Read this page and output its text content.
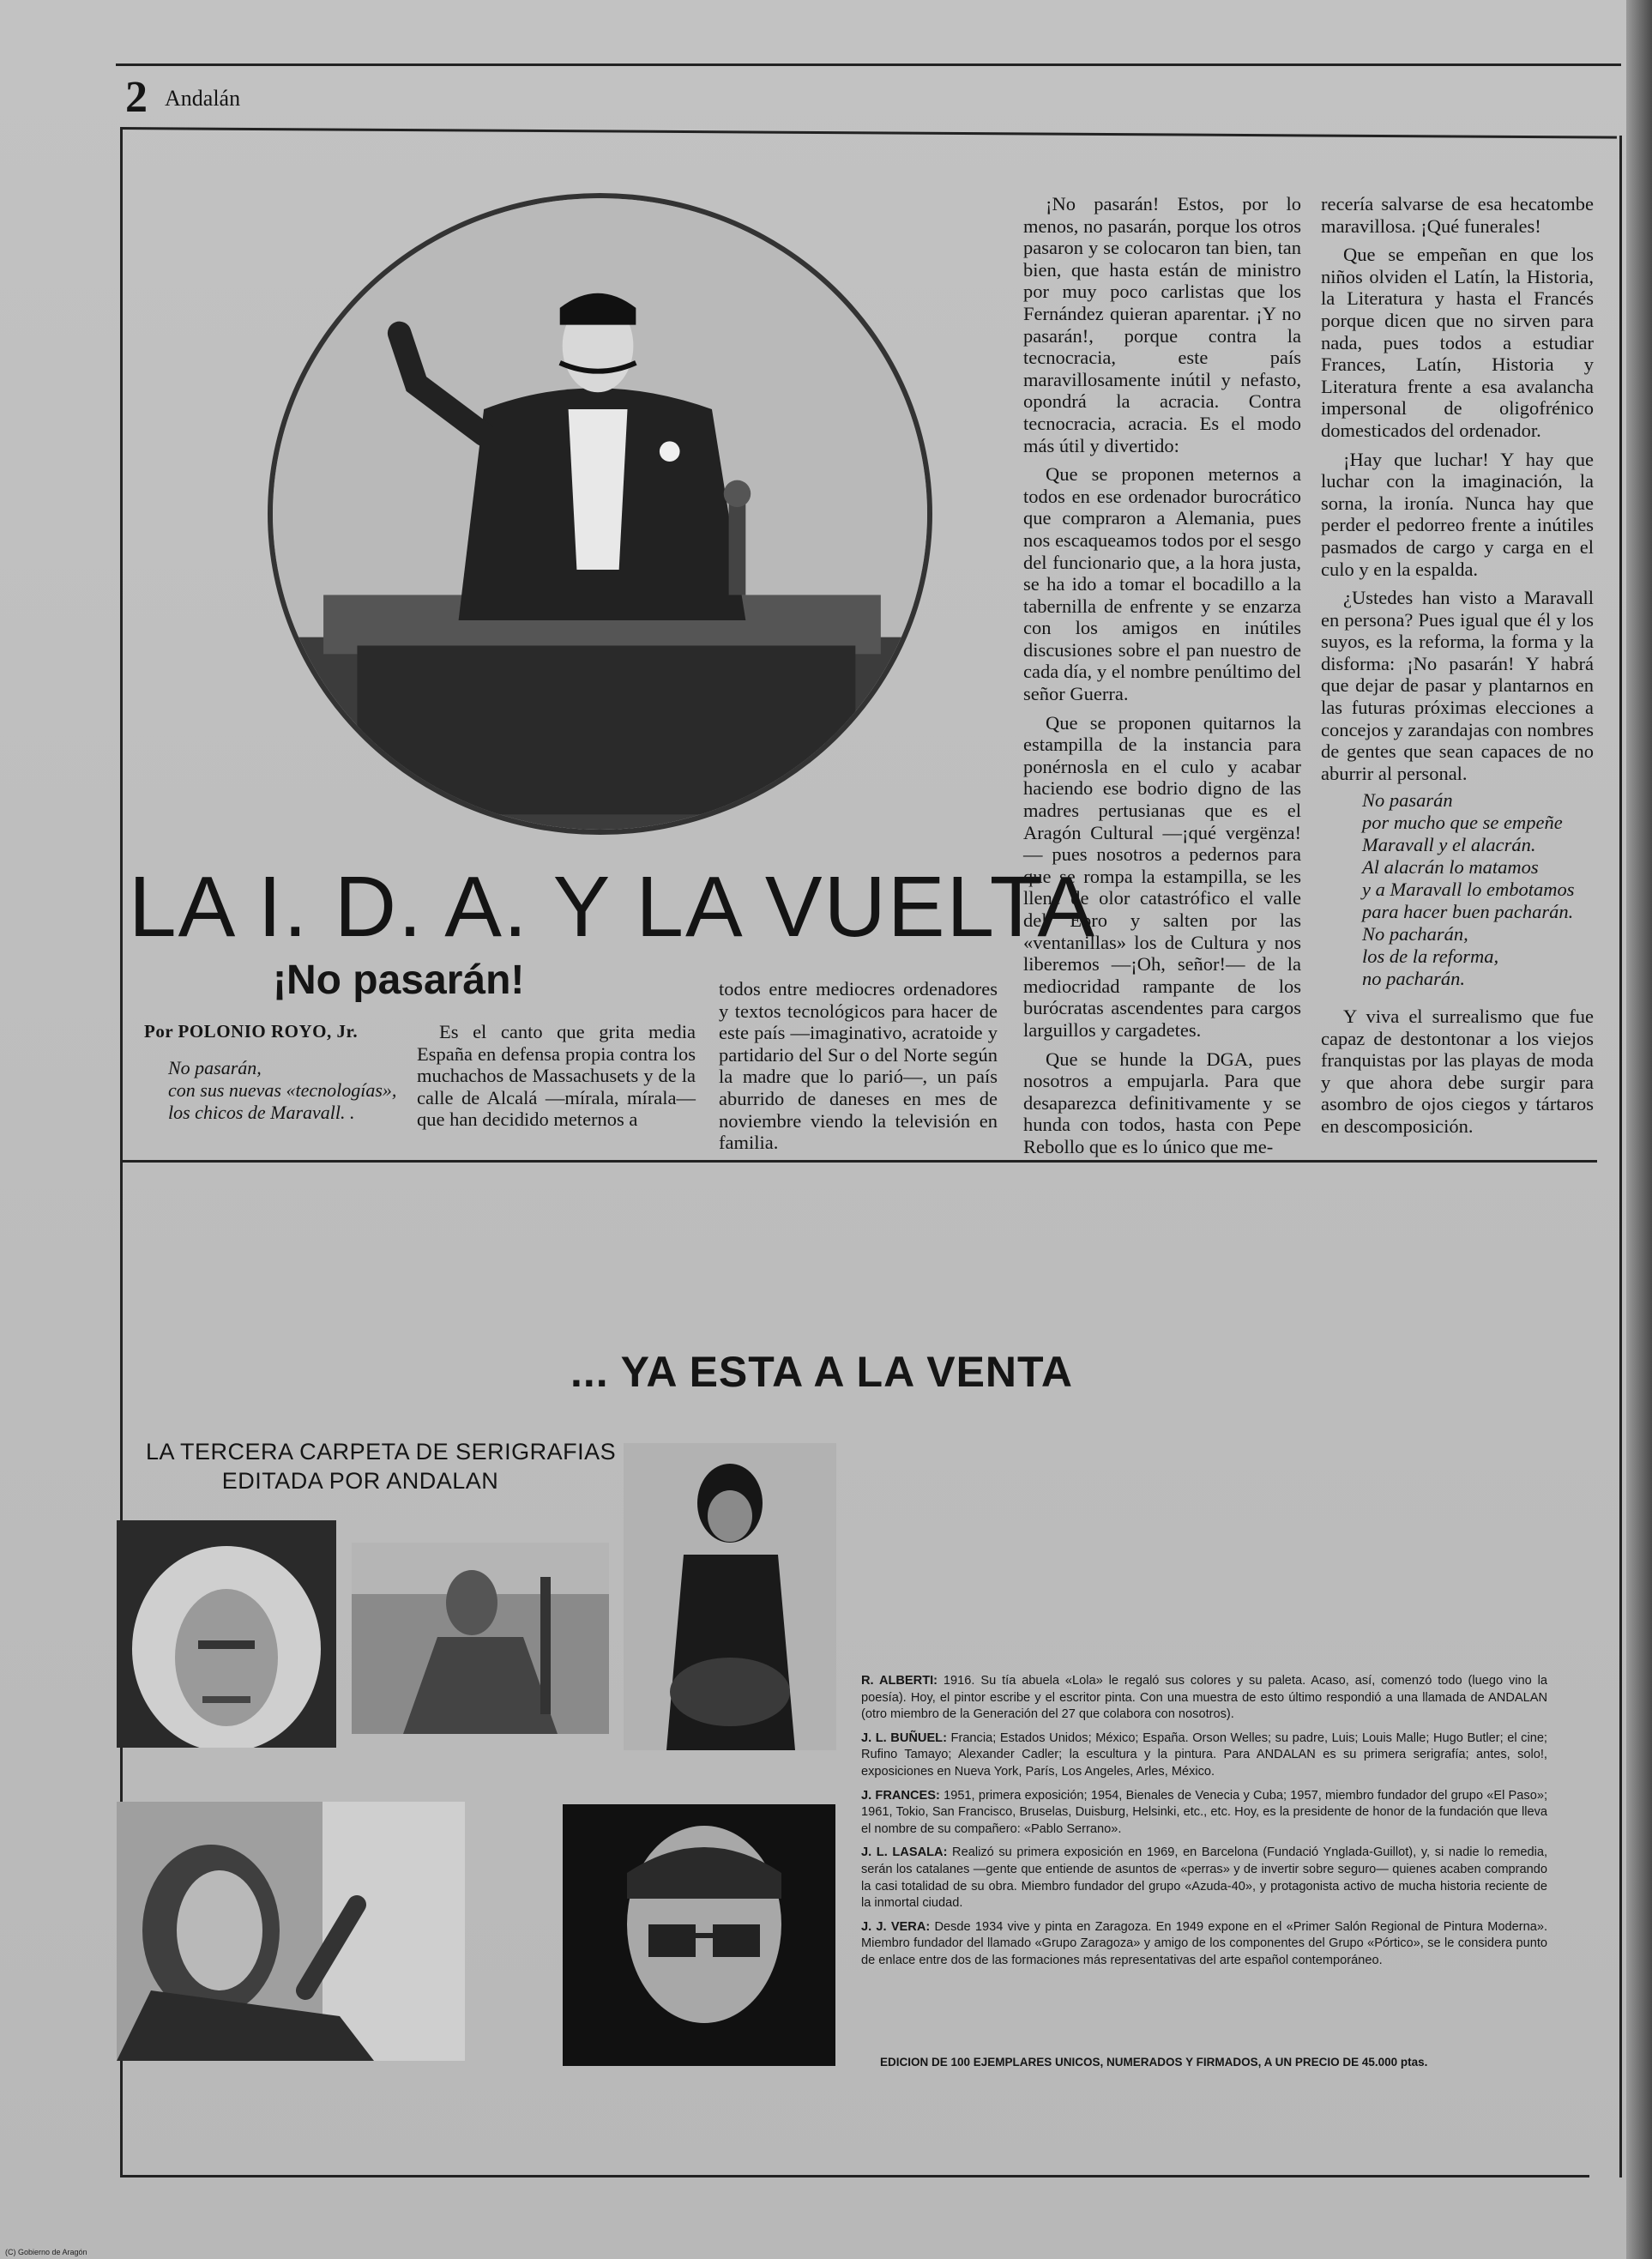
2 Andalán
LA I. D. A. Y LA VUELTA
¡No pasarán!
Por POLONIO ROYO, Jr.
No pasarán,
con sus nuevas «tecnologías»,
los chicos de Maravall. .

Es el canto que grita media España en defensa propia contra los muchachos de Massachusets y de la calle de Alcalá —mírala, mírala— que han decidido meternos a

todos entre mediocres ordenadores y textos tecnológicos para hacer de este país —imaginativo, acratoide y partidario del Sur o del Norte según la madre que lo parió—, un país aburrido de daneses en mes de noviembre viendo la televisión en familia.

¡No pasarán! Estos, por lo menos, no pasarán, porque los otros pasaron y se colocaron tan bien, tan bien, que hasta están de ministro por muy poco carlistas que los Fernández quieran aparentar. ¡Y no pasarán!, porque contra la tecnocracia, este país maravillosamente inútil y nefasto, opondrá la acracia. Contra tecnocracia, acracia. Es el modo más útil y divertido:

Que se proponen meternos a todos en ese ordenador burocrático que compraron a Alemania, pues nos escaqueamos todos por el sesgo del funcionario que, a la hora justa, se ha ido a tomar el bocadillo a la tabernilla de enfrente y se enzarza con los amigos en inútiles discusiones sobre el pan nuestro de cada día, y el nombre penúltimo del señor Guerra.

Que se proponen quitarnos la estampilla de la instancia para ponérnosla en el culo y acabar haciendo ese bodrio digno de las madres pertusianas que es el Aragón Cultural —¡qué vergënza!— pues nosotros a pedernos para que se rompa la estampilla, se les llene de olor catastrófico el valle del Ebro y salten por las «ventanillas» los de Cultura y nos liberemos —¡Oh, señor!— de la mediocridad rampante de los burócratas ascendentes para cargos larguillos y cargadetes.

Que se hunde la DGA, pues nosotros a empujarla. Para que desaparezca definitivamente y se hunda con todos, hasta con Pepe Rebollo que es lo único que me-

recería salvarse de esa hecatombe maravillosa. ¡Qué funerales!

Que se empeñan en que los niños olviden el Latín, la Historia, la Literatura y hasta el Francés porque dicen que no sirven para nada, pues todos a estudiar Frances, Latín, Historia y Literatura frente a esa avalancha impersonal de oligofrénico domesticados del ordenador.

¡Hay que luchar! Y hay que luchar con la imaginación, la sorna, la ironía. Nunca hay que perder el pedorreo frente a inútiles pasmados de cargo y carga en el culo y en la espalda.

¿Ustedes han visto a Maravall en persona? Pues igual que él y los suyos, es la reforma, la forma y la disforma: ¡No pasarán! Y habrá que dejar de pasar y plantarnos en las futuras próximas elecciones a concejos y zarandajas con nombres de gentes que sean capaces de no aburrir al personal.

No pasarán
por mucho que se empeñe
Maravall y el alacrán.
Al alacrán lo matamos
y a Maravall lo embotamos
para hacer buen pacharán.
No pacharán,
los de la reforma,
no pacharán.

Y viva el surrealismo que fue capaz de destontonar a los viejos franquistas por las playas de moda y que ahora debe surgir para asombro de ojos ciegos y tártaros en descomposición.

... YA ESTA A LA VENTA
LA TERCERA CARPETA DE SERIGRAFIAS
EDITADA POR ANDALAN

R. ALBERTI: 1916. Su tía abuela «Lola» le regaló sus colores y su paleta. Acaso, así, comenzó todo (luego vino la poesía). Hoy, el pintor escribe y el escritor pinta. Con una muestra de esto último respondió a una llamada de ANDALAN (otro miembro de la Generación del 27 que colabora con nosotros).

J. L. BUÑUEL: Francia; Estados Unidos; México; España. Orson Welles; su padre, Luis; Louis Malle; Hugo Butler; el cine; Rufino Tamayo; Alexander Cadler; la escultura y la pintura. Para ANDALAN es su primera serigrafía; antes, solo!, exposiciones en Nueva York, París, Los Angeles, Arles, México.

J. FRANCES: 1951, primera exposición; 1954, Bienales de Venecia y Cuba; 1957, miembro fundador del grupo «El Paso»; 1961, Tokio, San Francisco, Bruselas, Duisburg, Helsinki, etc., etc. Hoy, es la presidente de honor de la fundación que lleva el nombre de su compañero: «Pablo Serrano».

J. L. LASALA: Realizó su primera exposición en 1969, en Barcelona (Fundació Ynglada-Guillot), y, si nadie lo remedia, serán los catalanes —gente que entiende de asuntos de «perras» y de invertir sobre seguro— quienes acaben comprando la casi totalidad de su obra. Miembro fundador del grupo «Azuda-40», y protagonista activo de mucha historia reciente de la inmortal ciudad.

J. J. VERA: Desde 1934 vive y pinta en Zaragoza. En 1949 expone en el «Primer Salón Regional de Pintura Moderna». Miembro fundador del llamado «Grupo Zaragoza» y amigo de los componentes del Grupo «Pórtico», se le considera punto de enlace entre dos de las formaciones más representativas del arte español contemporáneo.

EDICION DE 100 EJEMPLARES UNICOS, NUMERADOS Y FIRMADOS, A UN PRECIO DE 45.000 ptas.
(C) Gobierno de Aragón
